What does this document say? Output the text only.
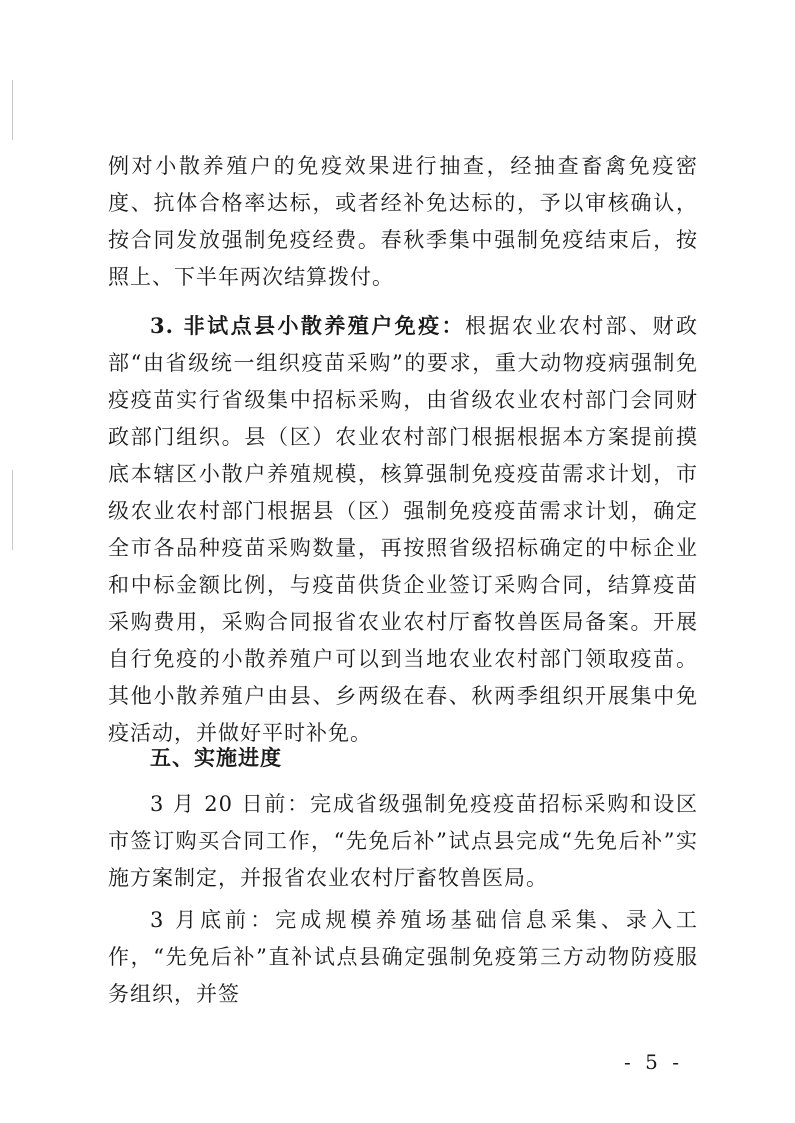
例对小散养殖户的免疫效果进行抽查，经抽查畜禽免疫密度、抗体合格率达标，或者经补免达标的，予以审核确认，按合同发放强制免疫经费。春秋季集中强制免疫结束后，按照上、下半年两次结算拨付。

3. 非试点县小散养殖户免疫：根据农业农村部、财政部“由省级统一组织疫苗采购”的要求，重大动物疫病强制免疫疫苗实行省级集中招标采购，由省级农业农村部门会同财政部门组织。县（区）农业农村部门根据根据本方案提前摸底本辖区小散户养殖规模，核算强制免疫疫苗需求计划，市级农业农村部门根据县（区）强制免疫疫苗需求计划，确定全市各品种疫苗采购数量，再按照省级招标确定的中标企业和中标金额比例，与疫苗供货企业签订采购合同，结算疫苗采购费用，采购合同报省农业农村厅畜牧兽医局备案。开展自行免疫的小散养殖户可以到当地农业农村部门领取疫苗。其他小散养殖户由县、乡两级在春、秋两季组织开展集中免疫活动，并做好平时补免。

五、实施进度

3 月 20 日前：完成省级强制免疫疫苗招标采购和设区市签订购买合同工作，“先免后补”试点县完成“先免后补”实施方案制定，并报省农业农村厅畜牧兽医局。

3 月底前：完成规模养殖场基础信息采集、录入工作，“先免后补”直补试点县确定强制免疫第三方动物防疫服务组织，并签

- 5 -
